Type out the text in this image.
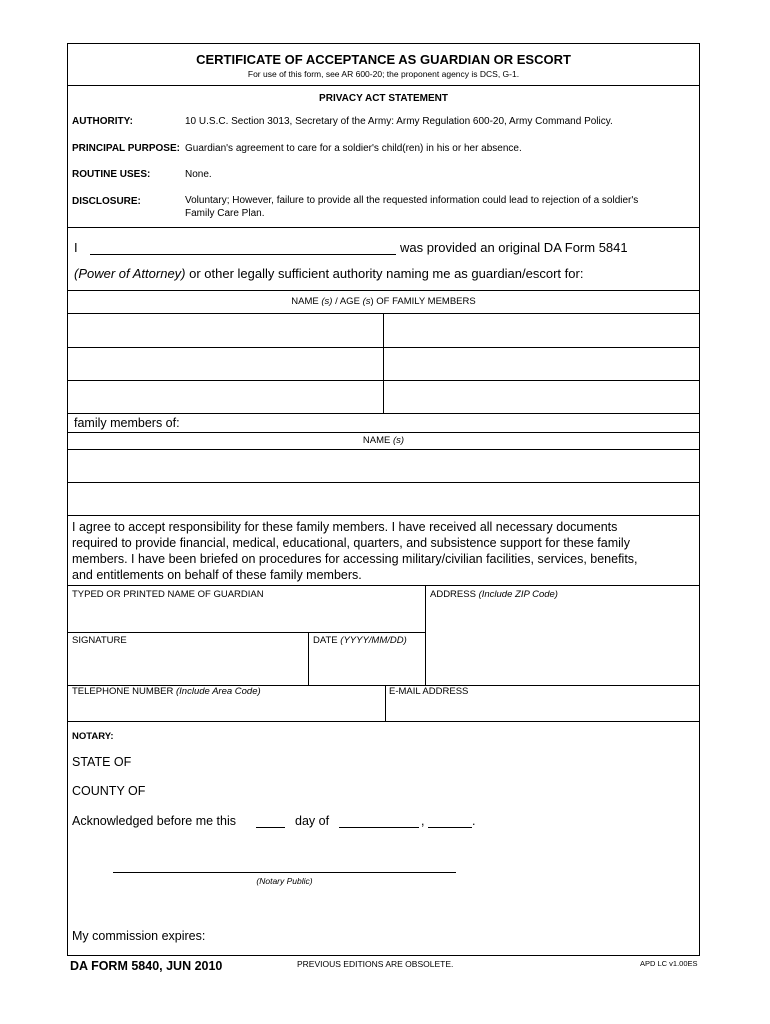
CERTIFICATE OF ACCEPTANCE AS GUARDIAN OR ESCORT
For use of this form, see AR 600-20; the proponent agency is DCS, G-1.
PRIVACY ACT STATEMENT
AUTHORITY:	10 U.S.C. Section 3013, Secretary of the Army: Army Regulation 600-20, Army Command Policy.
PRINCIPAL PURPOSE: Guardian's agreement to care for a soldier's child(ren) in his or her absence.
ROUTINE USES:	None.
DISCLOSURE:	Voluntary; However, failure to provide all the requested information could lead to rejection of a soldier's
Family Care Plan.
I	was provided an original DA Form 5841
(Power of Attorney) or other legally sufficient authority naming me as guardian/escort for:
NAME (s) / AGE (s) OF FAMILY MEMBERS
family members of:
NAME (s)
I agree to accept responsibility for these family members. I have received all necessary documents
required to provide financial, medical, educational, quarters, and subsistence support for these family
members. I have been briefed on procedures for accessing military/civilian facilities, services, benefits,
and entitlements on behalf of these family members.
TYPED OR PRINTED NAME OF GUARDIAN	ADDRESS (Include ZIP Code)
SIGNATURE	DATE (YYYY/MM/DD)
TELEPHONE NUMBER (Include Area Code)	E-MAIL ADDRESS
NOTARY:
STATE OF
COUNTY OF
Acknowledged before me this	day of	,	.
(Notary Public)
My commission expires:
DA FORM 5840, JUN 2010	PREVIOUS EDITIONS ARE OBSOLETE.	APD LC v1.00ES
